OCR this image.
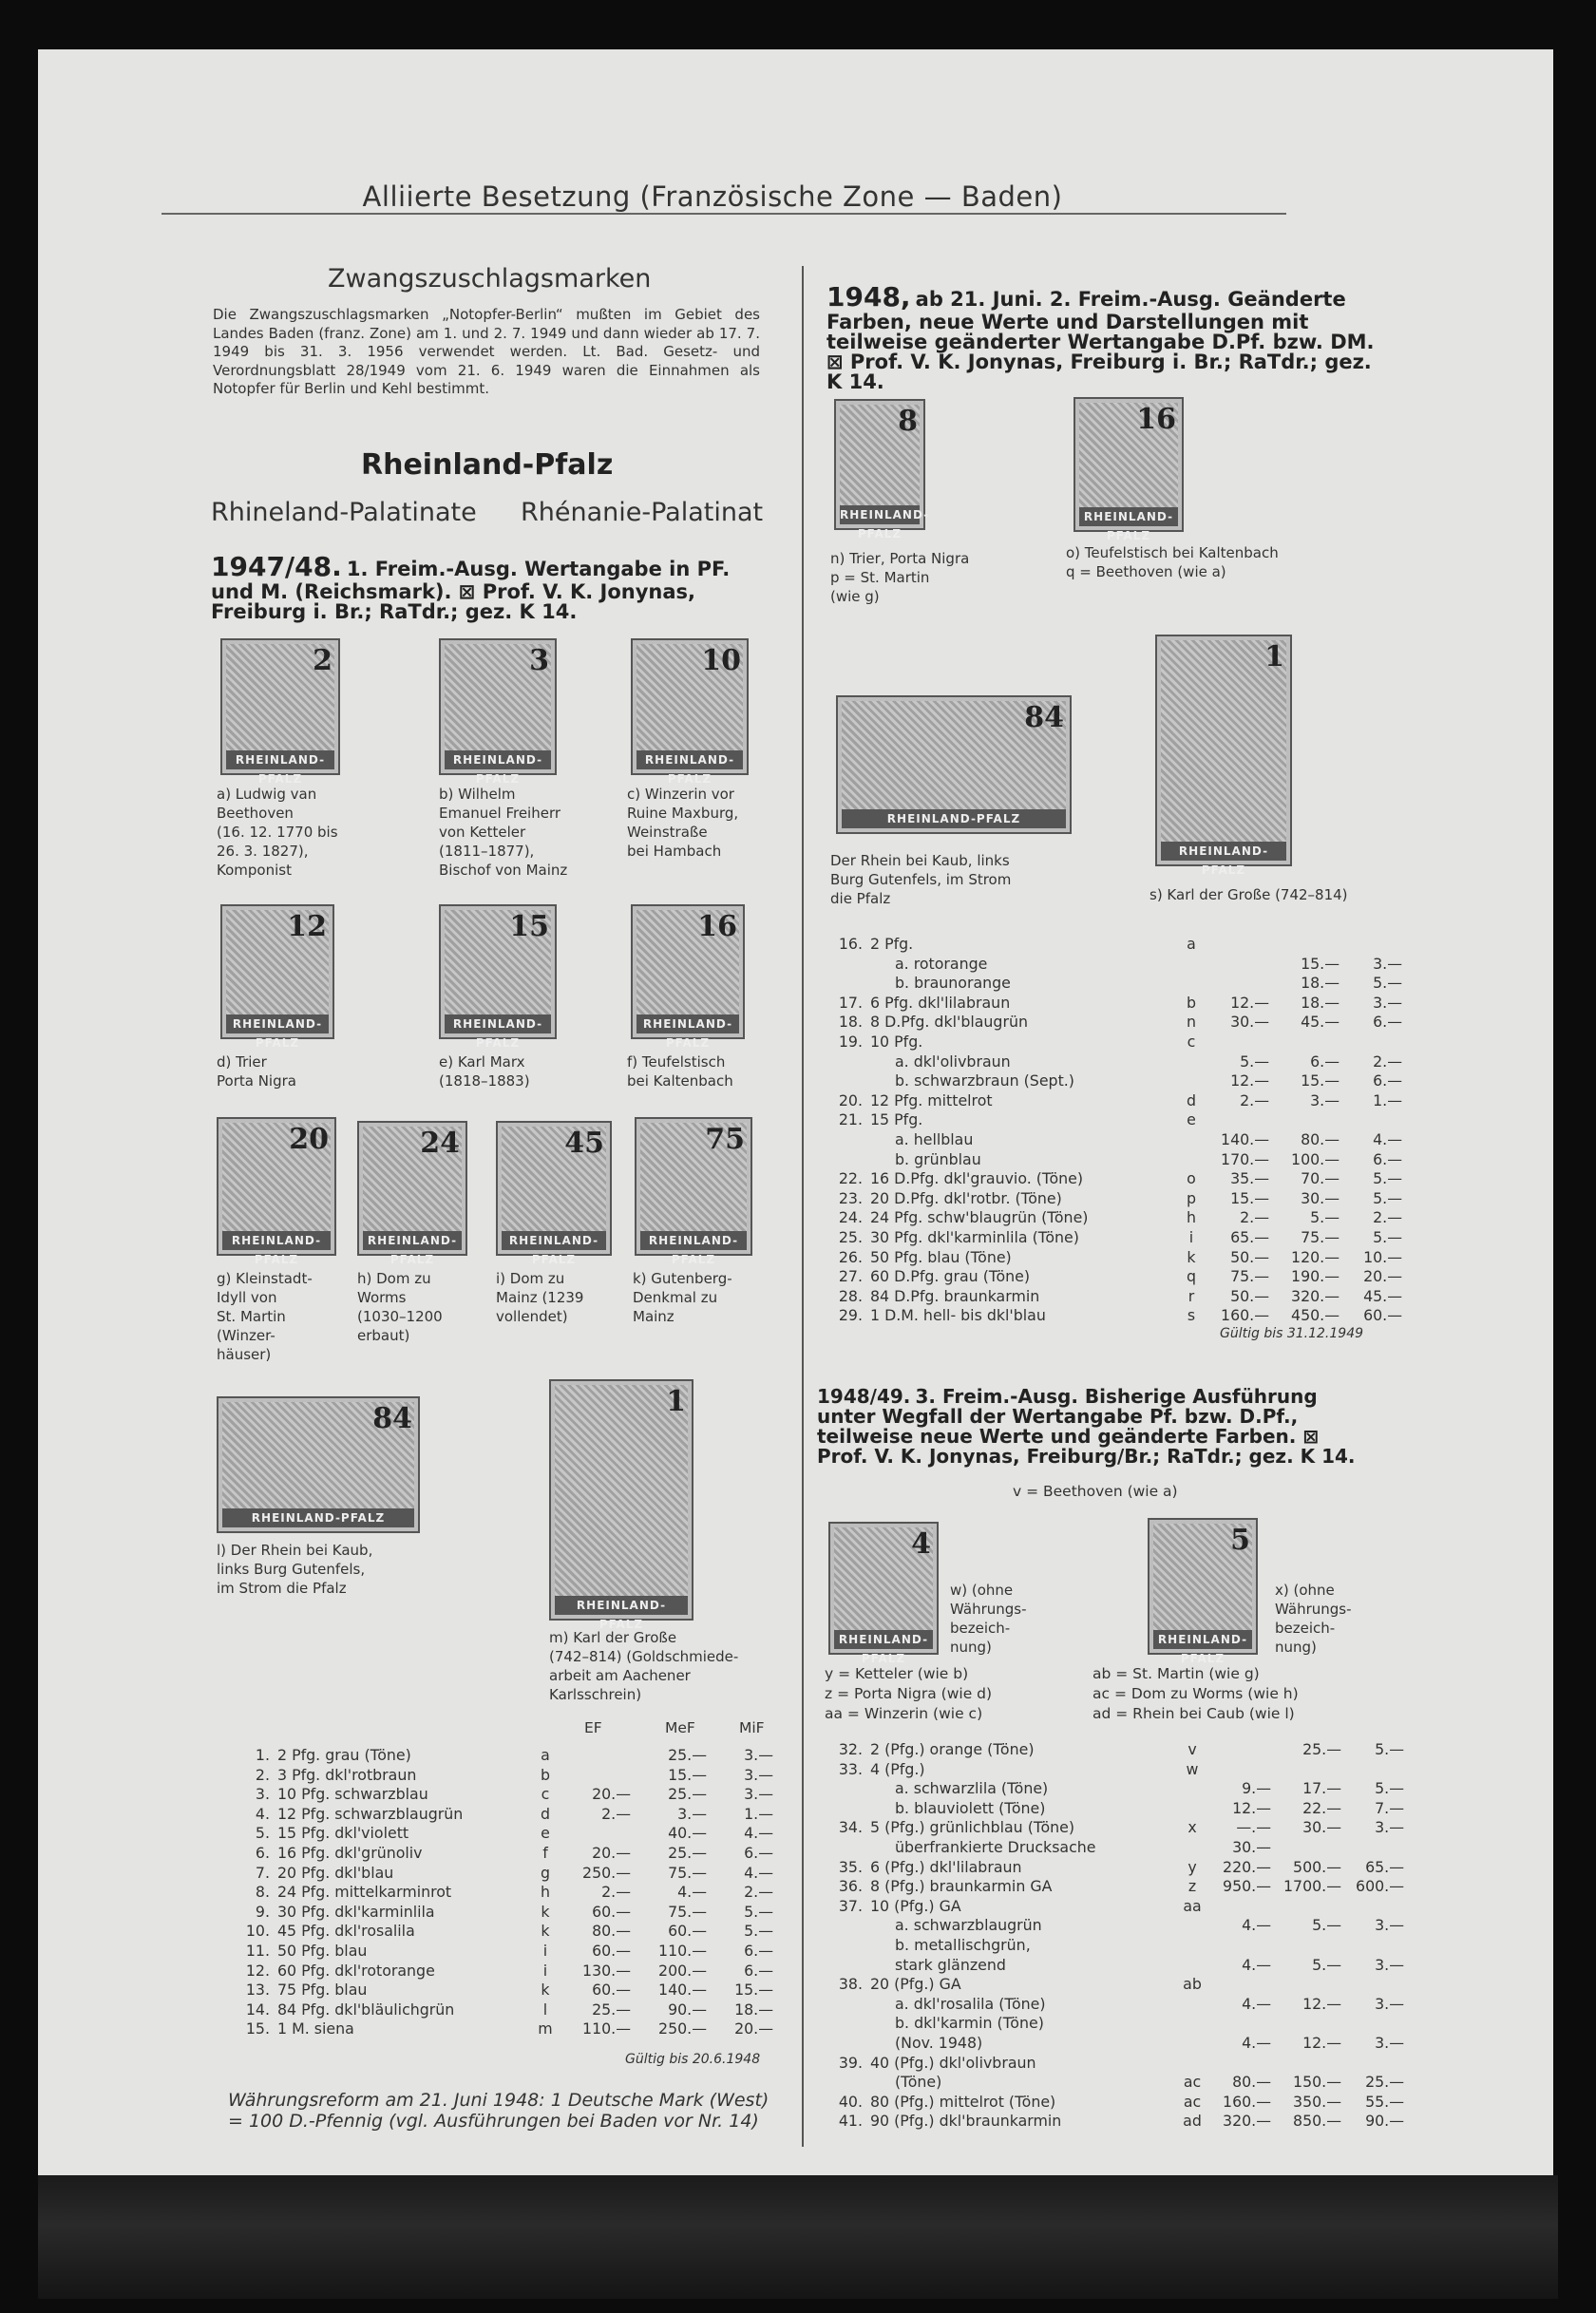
Alliierte Besetzung (Französische Zone — Baden)
Zwangszuschlagsmarken
Die Zwangszuschlagsmarken „Notopfer-Berlin“ mußten im Gebiet des Landes Baden (franz. Zone) am 1. und 2. 7. 1949 und dann wieder ab 17. 7. 1949 bis 31. 3. 1956 verwendet werden. Lt. Bad. Gesetz- und Verordnungsblatt 28/1949 vom 21. 6. 1949 waren die Einnahmen als Notopfer für Berlin und Kehl bestimmt.
Rheinland-Pfalz
Rhineland-Palatinate Rhénanie-Palatinat
1947/48. 1. Freim.-Ausg. Wertangabe in PF. und M. (Reichsmark). ⊠ Prof. V. K. Jonynas, Freiburg i. Br.; RaTdr.; gez. K 14.
2
RHEINLAND-PFALZ
a) Ludwig van
Beethoven
(16. 12. 1770 bis
26. 3. 1827),
Komponist
3
RHEINLAND-PFALZ
b) Wilhelm
Emanuel Freiherr
von Ketteler
(1811–1877),
Bischof von Mainz
10
RHEINLAND-PFALZ
c) Winzerin vor
Ruine Maxburg,
Weinstraße
bei Hambach
12
RHEINLAND-PFALZ
d) Trier
Porta Nigra
15
RHEINLAND-PFALZ
e) Karl Marx
(1818–1883)
16
RHEINLAND-PFALZ
f) Teufelstisch
bei Kaltenbach
20
RHEINLAND-PFALZ
g) Kleinstadt-
Idyll von
St. Martin
(Winzer-
häuser)
24
RHEINLAND-PFALZ
h) Dom zu
Worms
(1030–1200
erbaut)
45
RHEINLAND-PFALZ
i) Dom zu
Mainz (1239
vollendet)
75
RHEINLAND-PFALZ
k) Gutenberg-
Denkmal zu
Mainz
84
RHEINLAND-PFALZ
l) Der Rhein bei Kaub,
links Burg Gutenfels,
im Strom die Pfalz
1
RHEINLAND-PFALZ
m) Karl der Große
(742–814) (Goldschmiede-
arbeit am Aachener
Karlsschrein)
EF	MeF	MiF
1.	2 Pfg. grau (Töne)	a		25.—	3.—
2.	3 Pfg. dkl'rotbraun	b		15.—	3.—
3.	10 Pfg. schwarzblau	c	20.—	25.—	3.—
4.	12 Pfg. schwarzblaugrün	d	2.—	3.—	1.—
5.	15 Pfg. dkl'violett	e		40.—	4.—
6.	16 Pfg. dkl'grünoliv	f	20.—	25.—	6.—
7.	20 Pfg. dkl'blau	g	250.—	75.—	4.—
8.	24 Pfg. mittelkarminrot	h	2.—	4.—	2.—
9.	30 Pfg. dkl'karminlila	k	60.—	75.—	5.—
10.	45 Pfg. dkl'rosalila	k	80.—	60.—	5.—
11.	50 Pfg. blau	i	60.—	110.—	6.—
12.	60 Pfg. dkl'rotorange	i	130.—	200.—	6.—
13.	75 Pfg. blau	k	60.—	140.—	15.—
14.	84 Pfg. dkl'bläulichgrün	l	25.—	90.—	18.—
15.	1 M. siena	m	110.—	250.—	20.—
Gültig bis 20.6.1948
Währungsreform am 21. Juni 1948: 1 Deutsche Mark (West)
= 100 D.-Pfennig (vgl. Ausführungen bei Baden vor Nr. 14)
1948, ab 21. Juni. 2. Freim.-Ausg. Geänderte Farben, neue Werte und Darstellungen mit teilweise geänderter Wertangabe D.Pf. bzw. DM. ⊠ Prof. V. K. Jonynas, Freiburg i. Br.; RaTdr.; gez. K 14.
8
RHEINLAND-PFALZ
n) Trier, Porta Nigra
p = St. Martin
(wie g)
16
RHEINLAND-PFALZ
o) Teufelstisch bei Kaltenbach
q = Beethoven (wie a)
84
RHEINLAND-PFALZ
Der Rhein bei Kaub, links
Burg Gutenfels, im Strom
die Pfalz
1
RHEINLAND-PFALZ
s) Karl der Große (742–814)
16.	2 Pfg.	a			
	a. rotorange			15.—	3.—
	b. braunorange			18.—	5.—
17.	6 Pfg. dkl'lilabraun	b	12.—	18.—	3.—
18.	8 D.Pfg. dkl'blaugrün	n	30.—	45.—	6.—
19.	10 Pfg.	c			
	a. dkl'olivbraun		5.—	6.—	2.—
	b. schwarzbraun (Sept.)		12.—	15.—	6.—
20.	12 Pfg. mittelrot	d	2.—	3.—	1.—
21.	15 Pfg.	e			
	a. hellblau		140.—	80.—	4.—
	b. grünblau		170.—	100.—	6.—
22.	16 D.Pfg. dkl'grauvio. (Töne)	o	35.—	70.—	5.—
23.	20 D.Pfg. dkl'rotbr. (Töne)	p	15.—	30.—	5.—
24.	24 Pfg. schw'blaugrün (Töne)	h	2.—	5.—	2.—
25.	30 Pfg. dkl'karminlila (Töne)	i	65.—	75.—	5.—
26.	50 Pfg. blau (Töne)	k	50.—	120.—	10.—
27.	60 D.Pfg. grau (Töne)	q	75.—	190.—	20.—
28.	84 D.Pfg. braunkarmin	r	50.—	320.—	45.—
29.	1 D.M. hell- bis dkl'blau	s	160.—	450.—	60.—
Gültig bis 31.12.1949
1948/49. 3. Freim.-Ausg. Bisherige Ausführung unter Wegfall der Wertangabe Pf. bzw. D.Pf., teilweise neue Werte und geänderte Farben. ⊠ Prof. V. K. Jonynas, Freiburg/Br.; RaTdr.; gez. K 14.
v = Beethoven (wie a)
4
RHEINLAND-PFALZ
w) (ohne
Währungs-
bezeich-
nung)
5
RHEINLAND-PFALZ
x) (ohne
Währungs-
bezeich-
nung)
y = Ketteler (wie b)
z = Porta Nigra (wie d)
aa = Winzerin (wie c)
ab = St. Martin (wie g)
ac = Dom zu Worms (wie h)
ad = Rhein bei Caub (wie l)
32.	2 (Pfg.) orange (Töne)	v		25.—	5.—
33.	4 (Pfg.)	w			
	a. schwarzlila (Töne)		9.—	17.—	5.—
	b. blauviolett (Töne)		12.—	22.—	7.—
34.	5 (Pfg.) grünlichblau (Töne)	x	—.—	30.—	3.—
	überfrankierte Drucksache		30.—		
35.	6 (Pfg.) dkl'lilabraun	y	220.—	500.—	65.—
36.	8 (Pfg.) braunkarmin GA	z	950.—	1700.—	600.—
37.	10 (Pfg.) GA	aa			
	a. schwarzblaugrün		4.—	5.—	3.—
	b. metallischgrün,				
	stark glänzend		4.—	5.—	3.—
38.	20 (Pfg.) GA	ab			
	a. dkl'rosalila (Töne)		4.—	12.—	3.—
	b. dkl'karmin (Töne)				
	(Nov. 1948)		4.—	12.—	3.—
39.	40 (Pfg.) dkl'olivbraun				
	(Töne)	ac	80.—	150.—	25.—
40.	80 (Pfg.) mittelrot (Töne)	ac	160.—	350.—	55.—
41.	90 (Pfg.) dkl'braunkarmin	ad	320.—	850.—	90.—
